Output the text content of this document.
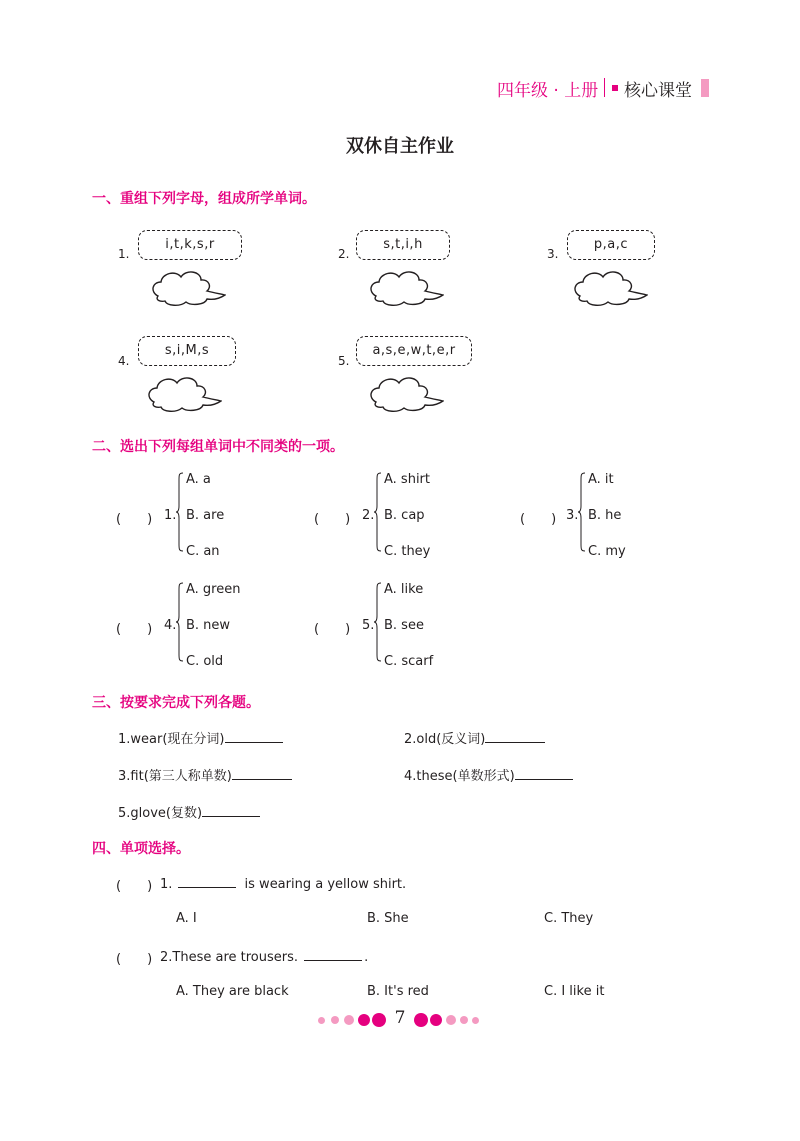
四年级 · 上册 核心课堂
双休自主作业
一、重组下列字母，组成所学单词。
1.
i,t,k,s,r
2.
s,t,i,h
3.
p,a,c
4.
s,i,M,s
5.
a,s,e,w,t,e,r
二、选出下列每组单词中不同类的一项。
(　　) 1.
A. a
B. are
C. an
(　　) 2.
A. shirt
B. cap
C. they
(　　) 3.
A. it
B. he
C. my
(　　) 4.
A. green
B. new
C. old
(　　) 5.
A. like
B. see
C. scarf
三、按要求完成下列各题。
1.wear(现在分词)	2.old(反义词)
3.fit(第三人称单数)	4.these(单数形式)
5.glove(复数)
四、单项选择。
(　　) 1.	is wearing a yellow shirt.
A. I	B. She	C. They
(　　) 2.These are trousers.	.
A. They are black	B. It's red	C. I like it
7
